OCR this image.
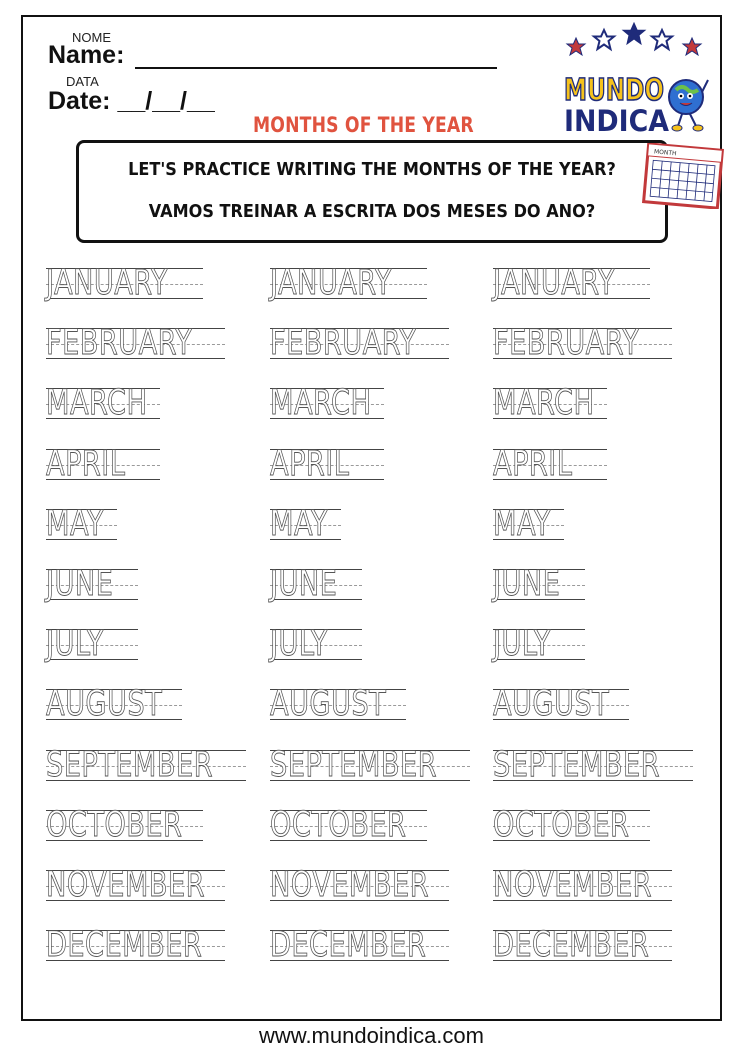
NOME
Name:
DATA
Date: __/__/__
MONTHS OF THE YEAR
MUNDO
INDICA
LET'S PRACTICE WRITING THE MONTHS OF THE YEAR?
VAMOS TREINAR A ESCRITA DOS MESES DO ANO?
MONTH
JANUARY	JANUARY	JANUARY
FEBRUARY FEBRUARY FEBRUARY
MARCH	MARCH	MARCH
APRIL	APRIL	APRIL
MAY	MAY	MAY
JUNE	JUNE	JUNE
JULY	JULY	JULY
AUGUST	AUGUST	AUGUST
SEPTEMBER SEPTEMBER SEPTEMBER
OCTOBER	OCTOBER OCTOBER
NOVEMBER NOVEMBER NOVEMBER
DECEMBER DECEMBER DECEMBER
www.mundoindica.com
